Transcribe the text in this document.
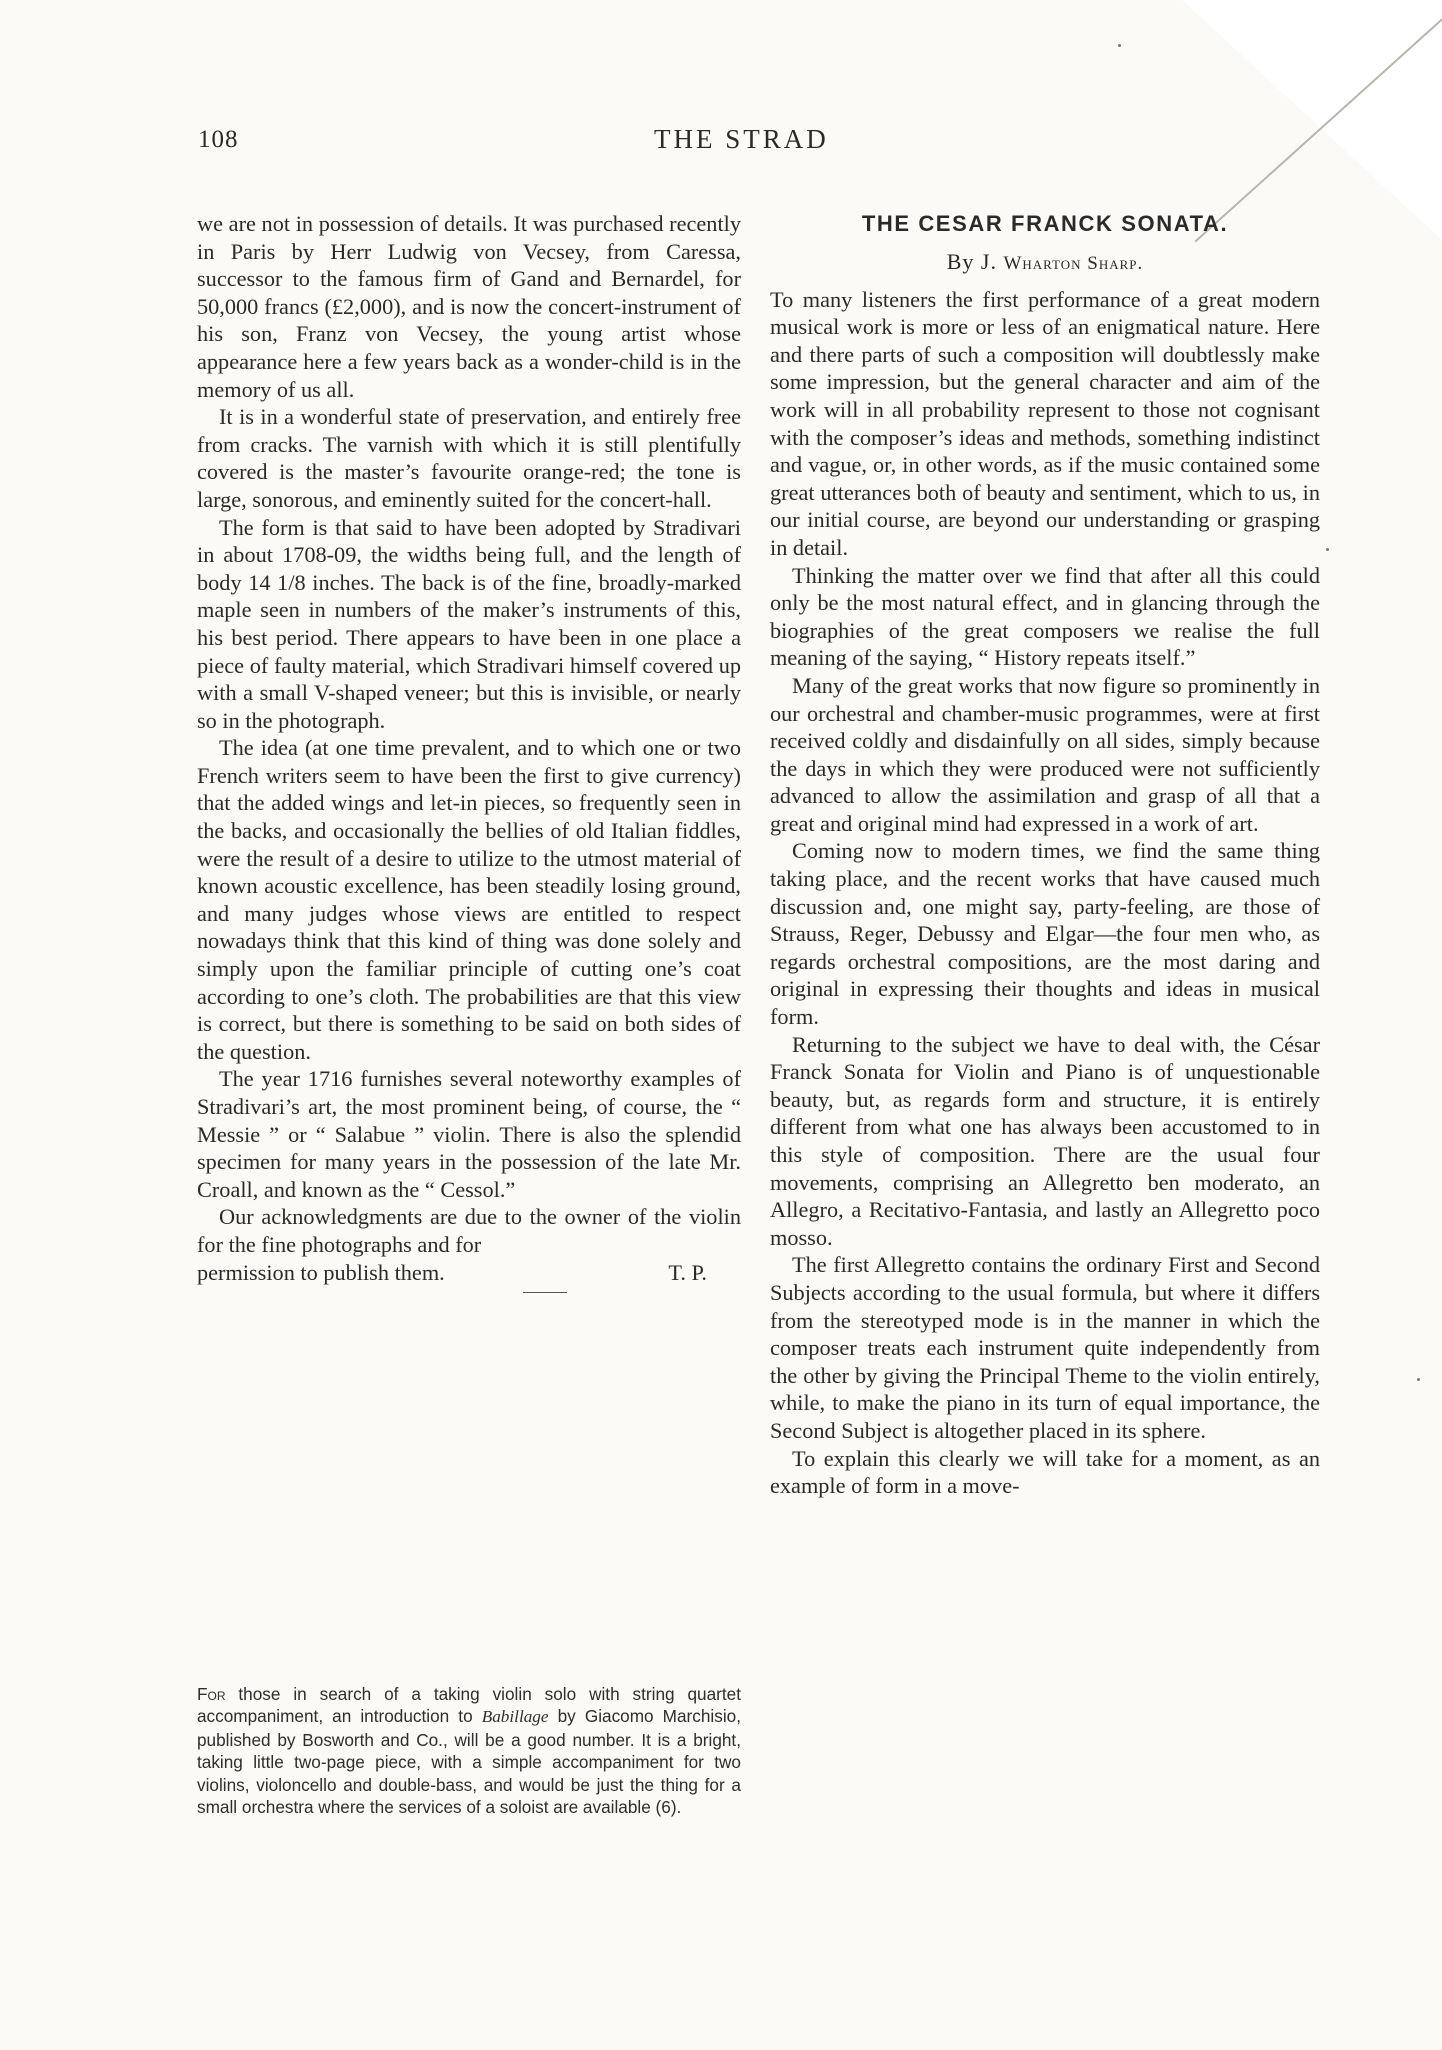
108	THE STRAD

we are not in possession of details. It was purchased recently in Paris by Herr Ludwig von Vecsey, from Caressa, successor to the famous firm of Gand and Bernardel, for 50,000 francs (£2,000), and is now the concert-instrument of his son, Franz von Vecsey, the young artist whose appearance here a few years back as a wonder-child is in the memory of us all.

It is in a wonderful state of preservation, and entirely free from cracks. The varnish with which it is still plentifully covered is the master’s favourite orange-red; the tone is large, sonorous, and eminently suited for the concert-hall.

The form is that said to have been adopted by Stradivari in about 1708-09, the widths being full, and the length of body 14 1/8 inches. The back is of the fine, broadly-marked maple seen in numbers of the maker’s instruments of this, his best period. There appears to have been in one place a piece of faulty material, which Stradivari himself covered up with a small V-shaped veneer; but this is invisible, or nearly so in the photograph.

The idea (at one time prevalent, and to which one or two French writers seem to have been the first to give currency) that the added wings and let-in pieces, so frequently seen in the backs, and occasionally the bellies of old Italian fiddles, were the result of a desire to utilize to the utmost material of known acoustic excellence, has been steadily losing ground, and many judges whose views are entitled to respect nowadays think that this kind of thing was done solely and simply upon the familiar principle of cutting one’s coat according to one’s cloth. The probabilities are that this view is correct, but there is something to be said on both sides of the question.

The year 1716 furnishes several noteworthy examples of Stradivari’s art, the most prominent being, of course, the “ Messie ” or “ Salabue ” violin. There is also the splendid specimen for many years in the possession of the late Mr. Croall, and known as the “ Cessol.”

Our acknowledgments are due to the owner of the violin for the fine photographs and for

permission to publish them.	T. P.
For those in search of a taking violin solo with string quartet accompaniment, an introduction to Babillage by Giacomo Marchisio, published by Bosworth and Co., will be a good number. It is a bright, taking little two-page piece, with a simple accompaniment for two violins, violoncello and double-bass, and would be just the thing for a small orchestra where the services of a soloist are available (6).
THE CESAR FRANCK SONATA.
By J. Wharton Sharp.

To many listeners the first performance of a great modern musical work is more or less of an enigmatical nature. Here and there parts of such a composition will doubtlessly make some impression, but the general character and aim of the work will in all probability represent to those not cognisant with the composer’s ideas and methods, something indistinct and vague, or, in other words, as if the music contained some great utterances both of beauty and sentiment, which to us, in our initial course, are beyond our understanding or grasping in detail.

Thinking the matter over we find that after all this could only be the most natural effect, and in glancing through the biographies of the great composers we realise the full meaning of the saying, “ History repeats itself.”

Many of the great works that now figure so prominently in our orchestral and chamber-music programmes, were at first received coldly and disdainfully on all sides, simply because the days in which they were produced were not sufficiently advanced to allow the assimilation and grasp of all that a great and original mind had expressed in a work of art.

Coming now to modern times, we find the same thing taking place, and the recent works that have caused much discussion and, one might say, party-feeling, are those of Strauss, Reger, Debussy and Elgar—the four men who, as regards orchestral compositions, are the most daring and original in expressing their thoughts and ideas in musical form.

Returning to the subject we have to deal with, the César Franck Sonata for Violin and Piano is of unquestionable beauty, but, as regards form and structure, it is entirely different from what one has always been accustomed to in this style of composition. There are the usual four movements, comprising an Allegretto ben moderato, an Allegro, a Recitativo-Fantasia, and lastly an Allegretto poco mosso.

The first Allegretto contains the ordinary First and Second Subjects according to the usual formula, but where it differs from the stereotyped mode is in the manner in which the composer treats each instrument quite independently from the other by giving the Principal Theme to the violin entirely, while, to make the piano in its turn of equal importance, the Second Subject is altogether placed in its sphere.

To explain this clearly we will take for a moment, as an example of form in a move-
